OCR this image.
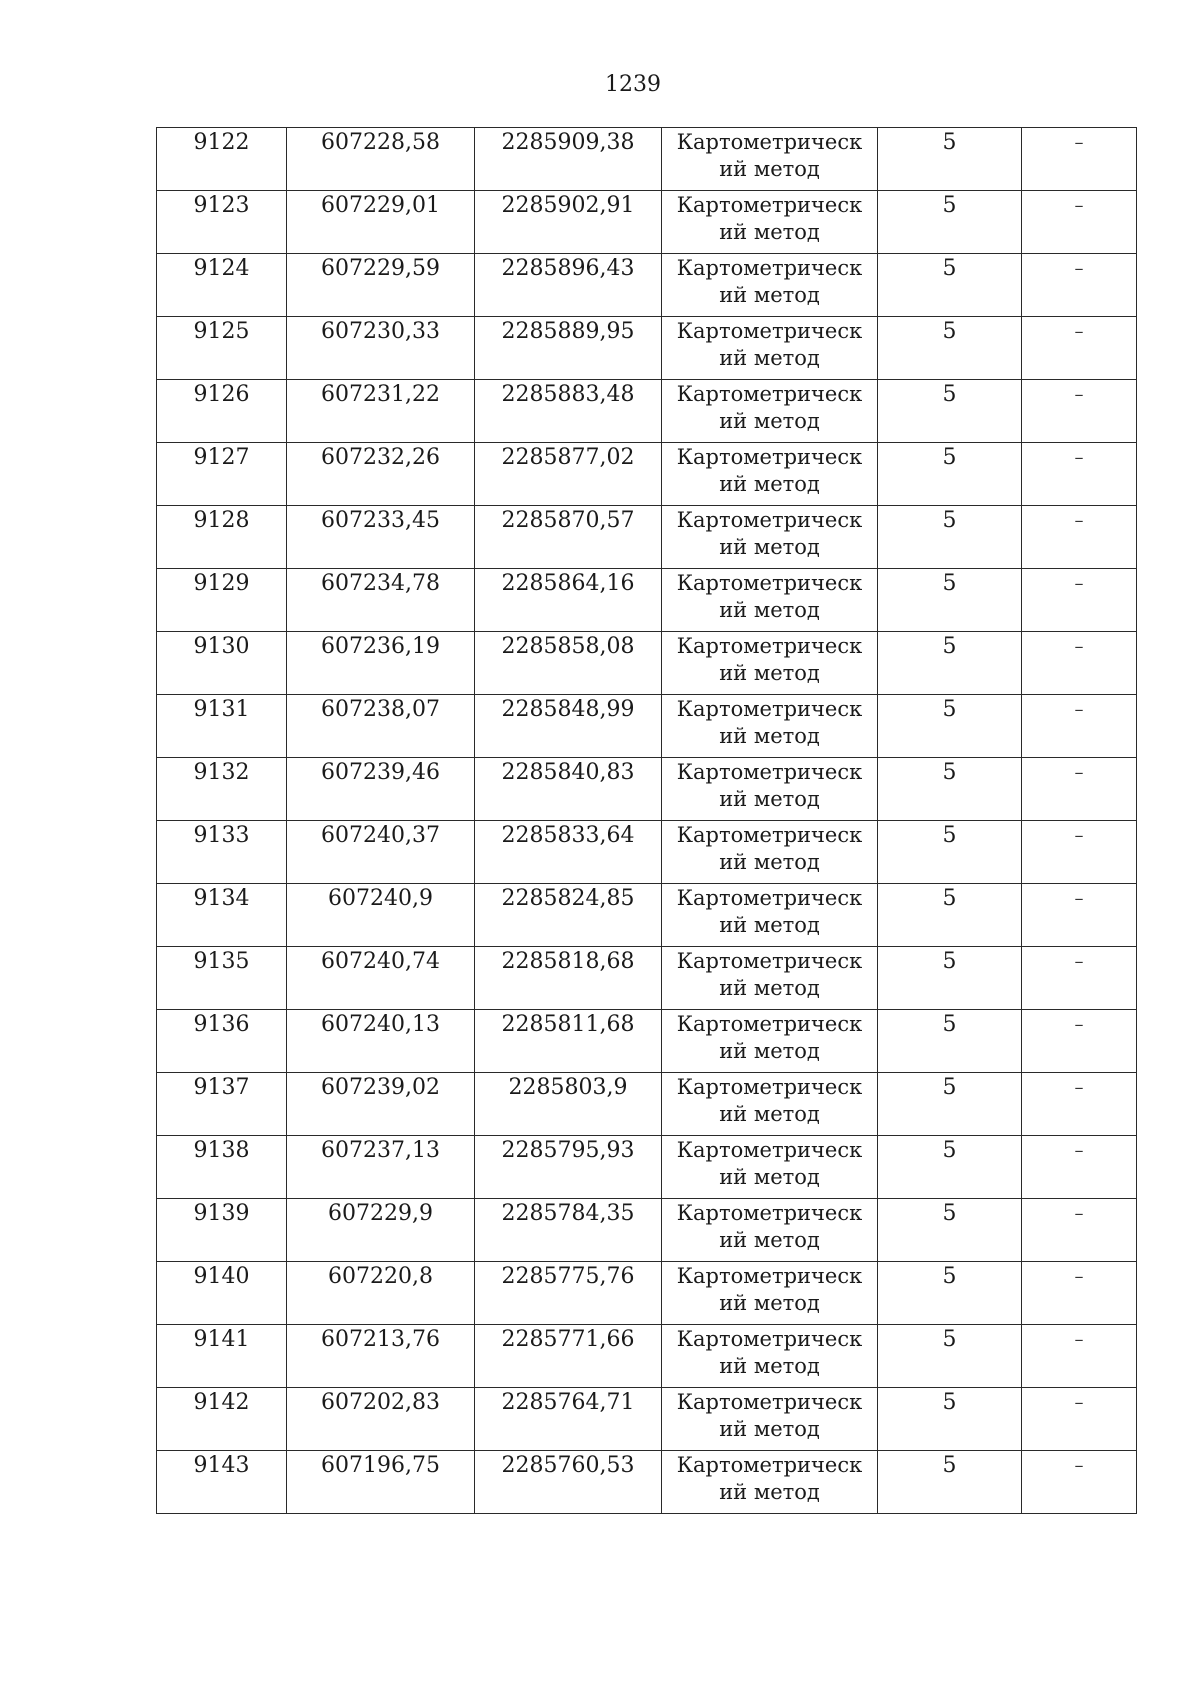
1239
9122	607228,58	2285909,38	Картометрический метод	5	–

9123	607229,01	2285902,91	Картометрический метод	5	–

9124	607229,59	2285896,43	Картометрический метод	5	–

9125	607230,33	2285889,95	Картометрический метод	5	–

9126	607231,22	2285883,48	Картометрический метод	5	–

9127	607232,26	2285877,02	Картометрический метод	5	–

9128	607233,45	2285870,57	Картометрический метод	5	–

9129	607234,78	2285864,16	Картометрический метод	5	–

9130	607236,19	2285858,08	Картометрический метод	5	–

9131	607238,07	2285848,99	Картометрический метод	5	–

9132	607239,46	2285840,83	Картометрический метод	5	–

9133	607240,37	2285833,64	Картометрический метод	5	–

9134	607240,9	2285824,85	Картометрический метод	5	–

9135	607240,74	2285818,68	Картометрический метод	5	–

9136	607240,13	2285811,68	Картометрический метод	5	–

9137	607239,02	2285803,9	Картометрический метод	5	–

9138	607237,13	2285795,93	Картометрический метод	5	–

9139	607229,9	2285784,35	Картометрический метод	5	–

9140	607220,8	2285775,76	Картометрический метод	5	–

9141	607213,76	2285771,66	Картометрический метод	5	–

9142	607202,83	2285764,71	Картометрический метод	5	–

9143	607196,75	2285760,53	Картометрический метод	5	–
